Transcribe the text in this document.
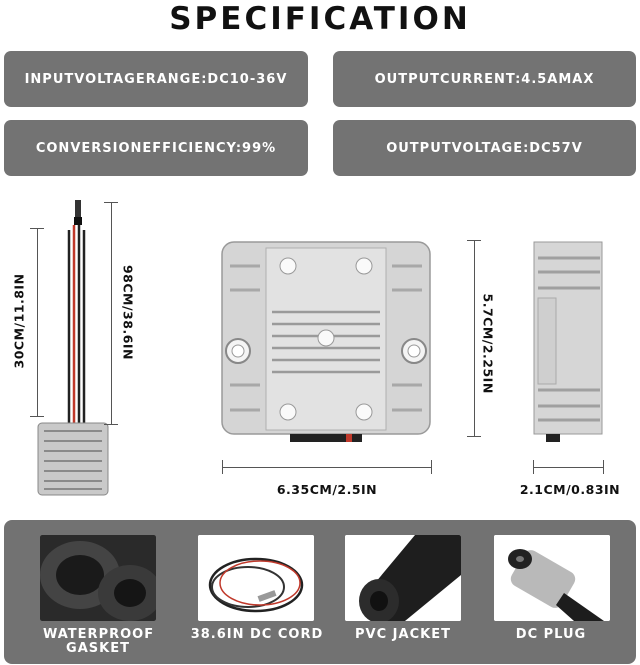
SPECIFICATION
INPUTVOLTAGERANGE:DC10-36V	OUTPUTCURRENT:4.5AMAX
CONVERSIONEFFICIENCY:99%	OUTPUTVOLTAGE:DC57V
30CM/11.8IN	98CM/38.6IN
6.35CM/2.5IN
5.7CM/2.25IN
2.1CM/0.83IN
WATERPROOF GASKET
38.6IN DC CORD	PVC JACKET	DC PLUG
